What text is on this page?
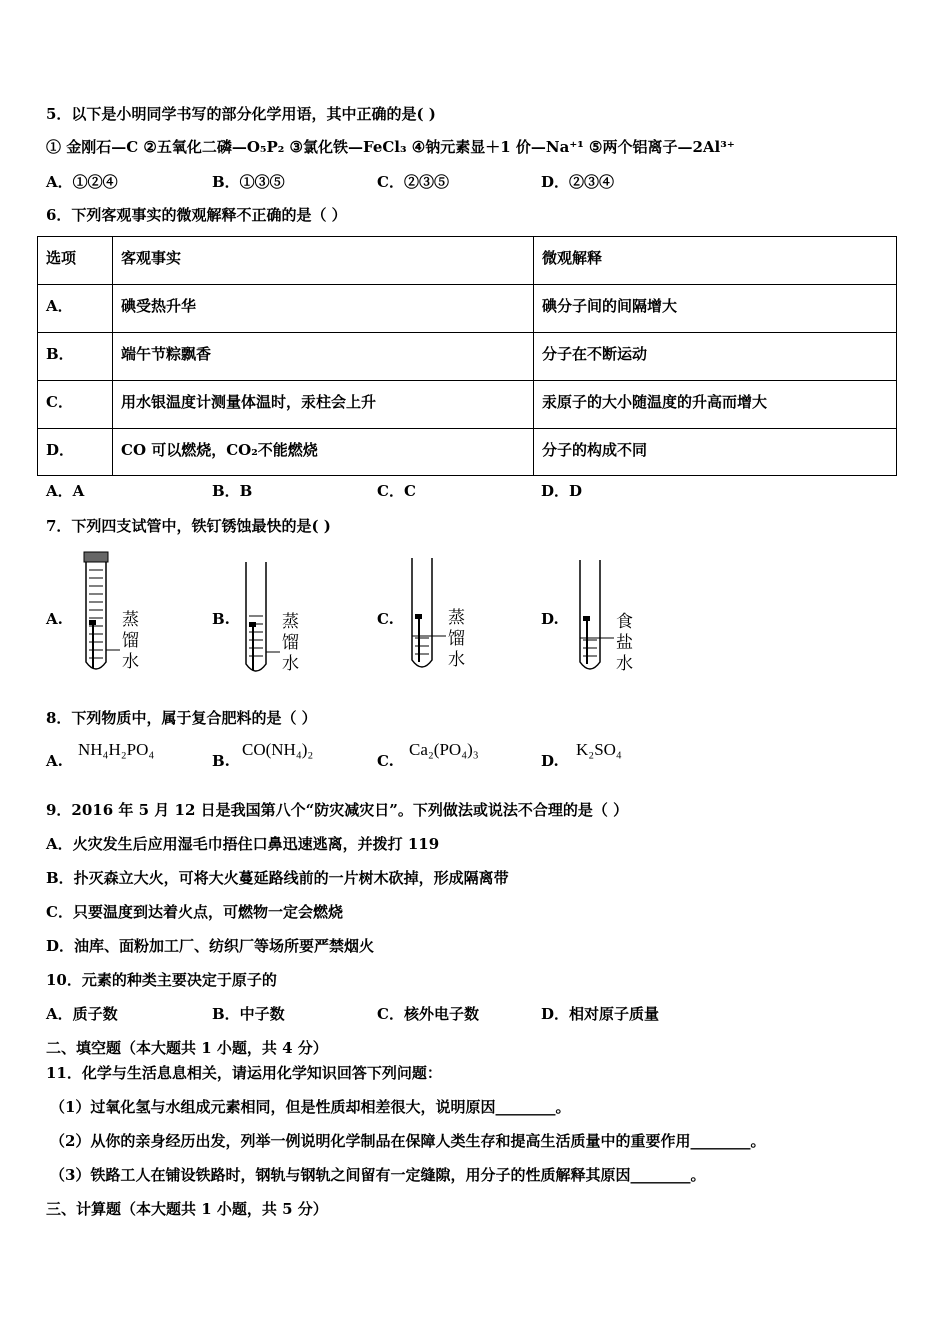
5．以下是小明同学书写的部分化学用语，其中正确的是( )
① 金刚石—C ②五氧化二磷—O₅P₂ ③氯化铁—FeCl₃ ④钠元素显＋1 价—Na⁺¹ ⑤两个铝离子—2Al³⁺
A．①②④	B．①③⑤	C．②③⑤	D．②③④
6．下列客观事实的微观解释不正确的是（ ）
选项	客观事实	微观解释
A．	碘受热升华	碘分子间的间隔增大
B．	端午节粽飘香	分子在不断运动
C．	用水银温度计测量体温时，汞柱会上升	汞原子的大小随温度的升高而增大
D．	CO 可以燃烧，CO₂不能燃烧	分子的构成不同
A．A	B．B	C．C	D．D
7．下列四支试管中，铁钉锈蚀最快的是( )
A.	蒸
馏
水
B.	蒸
馏
水
C.	蒸
馏
水
D.	食
盐
水
8．下列物质中，属于复合肥料的是（ ）
A.
NH₄H₂PO₄
B.
CO(NH₄)₂
C.
Ca₂(PO₄)₃
D.
K₂SO₄
9．2016 年 5 月 12 日是我国第八个“防灾减灾日”。下列做法或说法不合理的是（ ）
A．火灾发生后应用湿毛巾捂住口鼻迅速逃离，并拨打 119
B．扑灭森立大火，可将大火蔓延路线前的一片树木砍掉，形成隔离带
C．只要温度到达着火点，可燃物一定会燃烧
D．油库、面粉加工厂、纺织厂等场所要严禁烟火
10．元素的种类主要决定于原子的
A．质子数	B．中子数	C．核外电子数	D．相对原子质量
二、填空题（本大题共 1 小题，共 4 分）
11．化学与生活息息相关，请运用化学知识回答下列问题：
（1）过氧化氢与水组成元素相同，但是性质却相差很大，说明原因________。
（2）从你的亲身经历出发，列举一例说明化学制品在保障人类生存和提高生活质量中的重要作用________。
（3）铁路工人在铺设铁路时，钢轨与钢轨之间留有一定缝隙，用分子的性质解释其原因________。
三、计算题（本大题共 1 小题，共 5 分）
